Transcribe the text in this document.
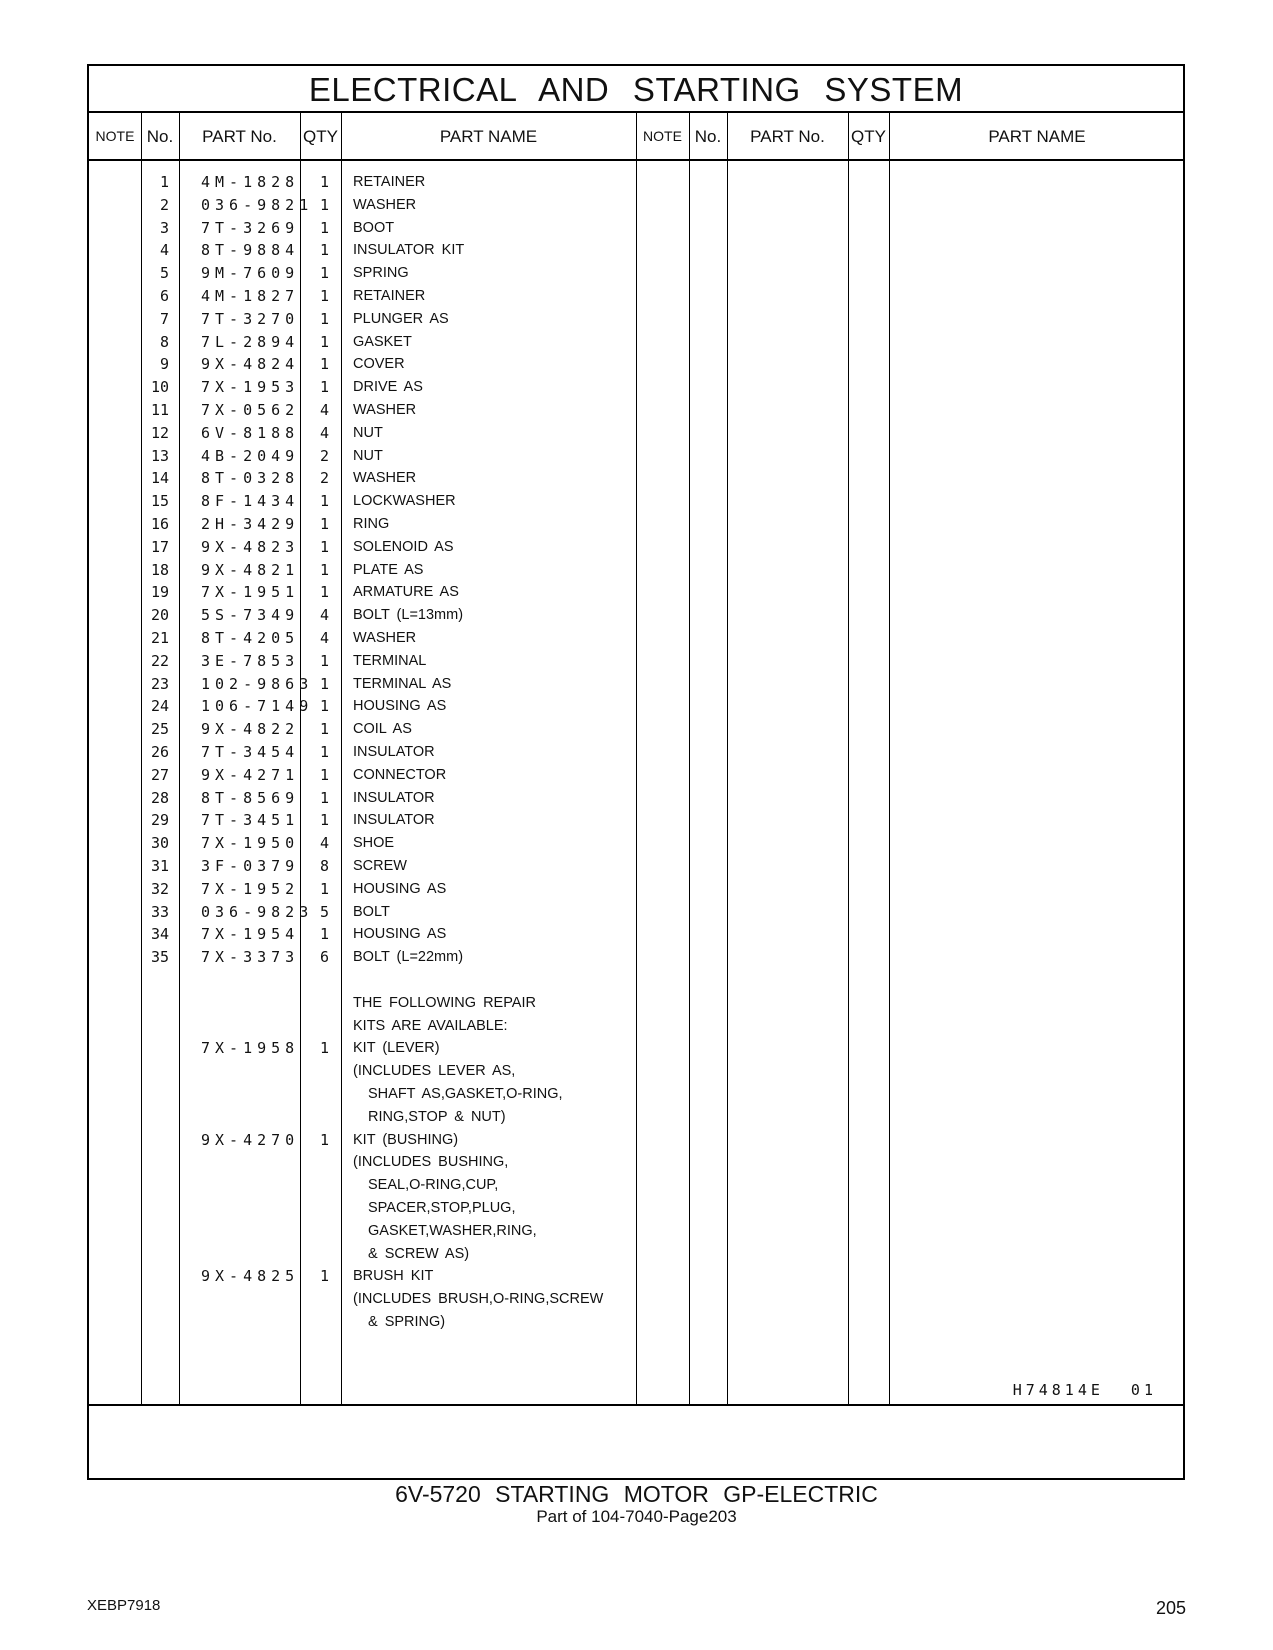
ELECTRICAL AND STARTING SYSTEM
NOTE No.	PART No.	QTY	PART NAME	NOTE No.	PART No.	QTY	PART NAME
1 4M-1828	1 RETAINER
2 036-9821 1 WASHER
3 7T-3269	1 BOOT
4 8T-9884	1 INSULATOR KIT
5 9M-7609	1 SPRING
6 4M-1827	1 RETAINER
7 7T-3270	1 PLUNGER AS
8 7L-2894	1 GASKET
9 9X-4824	1 COVER
10 7X-1953	1 DRIVE AS
11 7X-0562	4 WASHER
12 6V-8188	4 NUT
13 4B-2049	2 NUT
14 8T-0328	2 WASHER
15 8F-1434	1 LOCKWASHER
16 2H-3429	1 RING
17 9X-4823	1 SOLENOID AS
18 9X-4821	1 PLATE AS
19 7X-1951	1 ARMATURE AS
20 5S-7349	4 BOLT (L=13mm)
21 8T-4205	4 WASHER
22 3E-7853	1 TERMINAL
23 102-9863 1 TERMINAL AS
24 106-7149 1 HOUSING AS
25 9X-4822	1 COIL AS
26 7T-3454	1 INSULATOR
27 9X-4271	1 CONNECTOR
28 8T-8569	1 INSULATOR
29 7T-3451	1 INSULATOR
30 7X-1950	4 SHOE
31 3F-0379	8 SCREW
32 7X-1952	1 HOUSING AS
33 036-9823 5 BOLT
34 7X-1954	1 HOUSING AS
35 7X-3373	6 BOLT (L=22mm)
THE FOLLOWING REPAIR
KITS ARE AVAILABLE:
7X-1958	1 KIT (LEVER)
(INCLUDES LEVER AS,
SHAFT AS,GASKET,O-RING,
RING,STOP & NUT)
9X-4270	1 KIT (BUSHING)
(INCLUDES BUSHING,
SEAL,O-RING,CUP,
SPACER,STOP,PLUG,
GASKET,WASHER,RING,
& SCREW AS)
9X-4825	1 BRUSH KIT
(INCLUDES BRUSH,O-RING,SCREW
& SPRING)
H74814E 01
6V-5720 STARTING MOTOR GP-ELECTRIC
Part of 104-7040-Page203
XEBP7918	205
